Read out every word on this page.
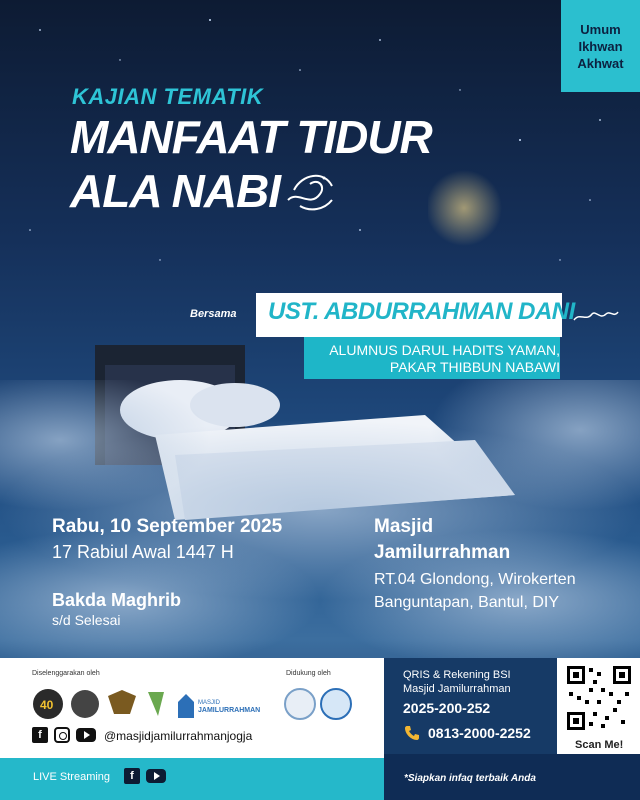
Umum
Ikhwan
Akhwat
KAJIAN TEMATIK
MANFAAT TIDUR
ALA NABI
Bersama UST. ABDURRAHMAN DANI
ALUMNUS DARUL HADITS YAMAN,
PAKAR THIBBUN NABAWI
Rabu, 10 September 2025
17 Rabiul Awal 1447 H
Bakda Maghrib
s/d Selesai
Masjid
Jamilurrahman
RT.04 Glondong, Wirokerten
Banguntapan, Bantul, DIY
Diselenggarakan oleh	Didukung oleh
40	MASJID
JAMILURRAHMAN
f	@masjidjamilurrahmanjogja
QRIS & Rekening BSI
Masjid Jamilurrahman
2025-200-252
0813-2000-2252
Scan Me!
LIVE Streaming	f	*Siapkan infaq terbaik Anda
